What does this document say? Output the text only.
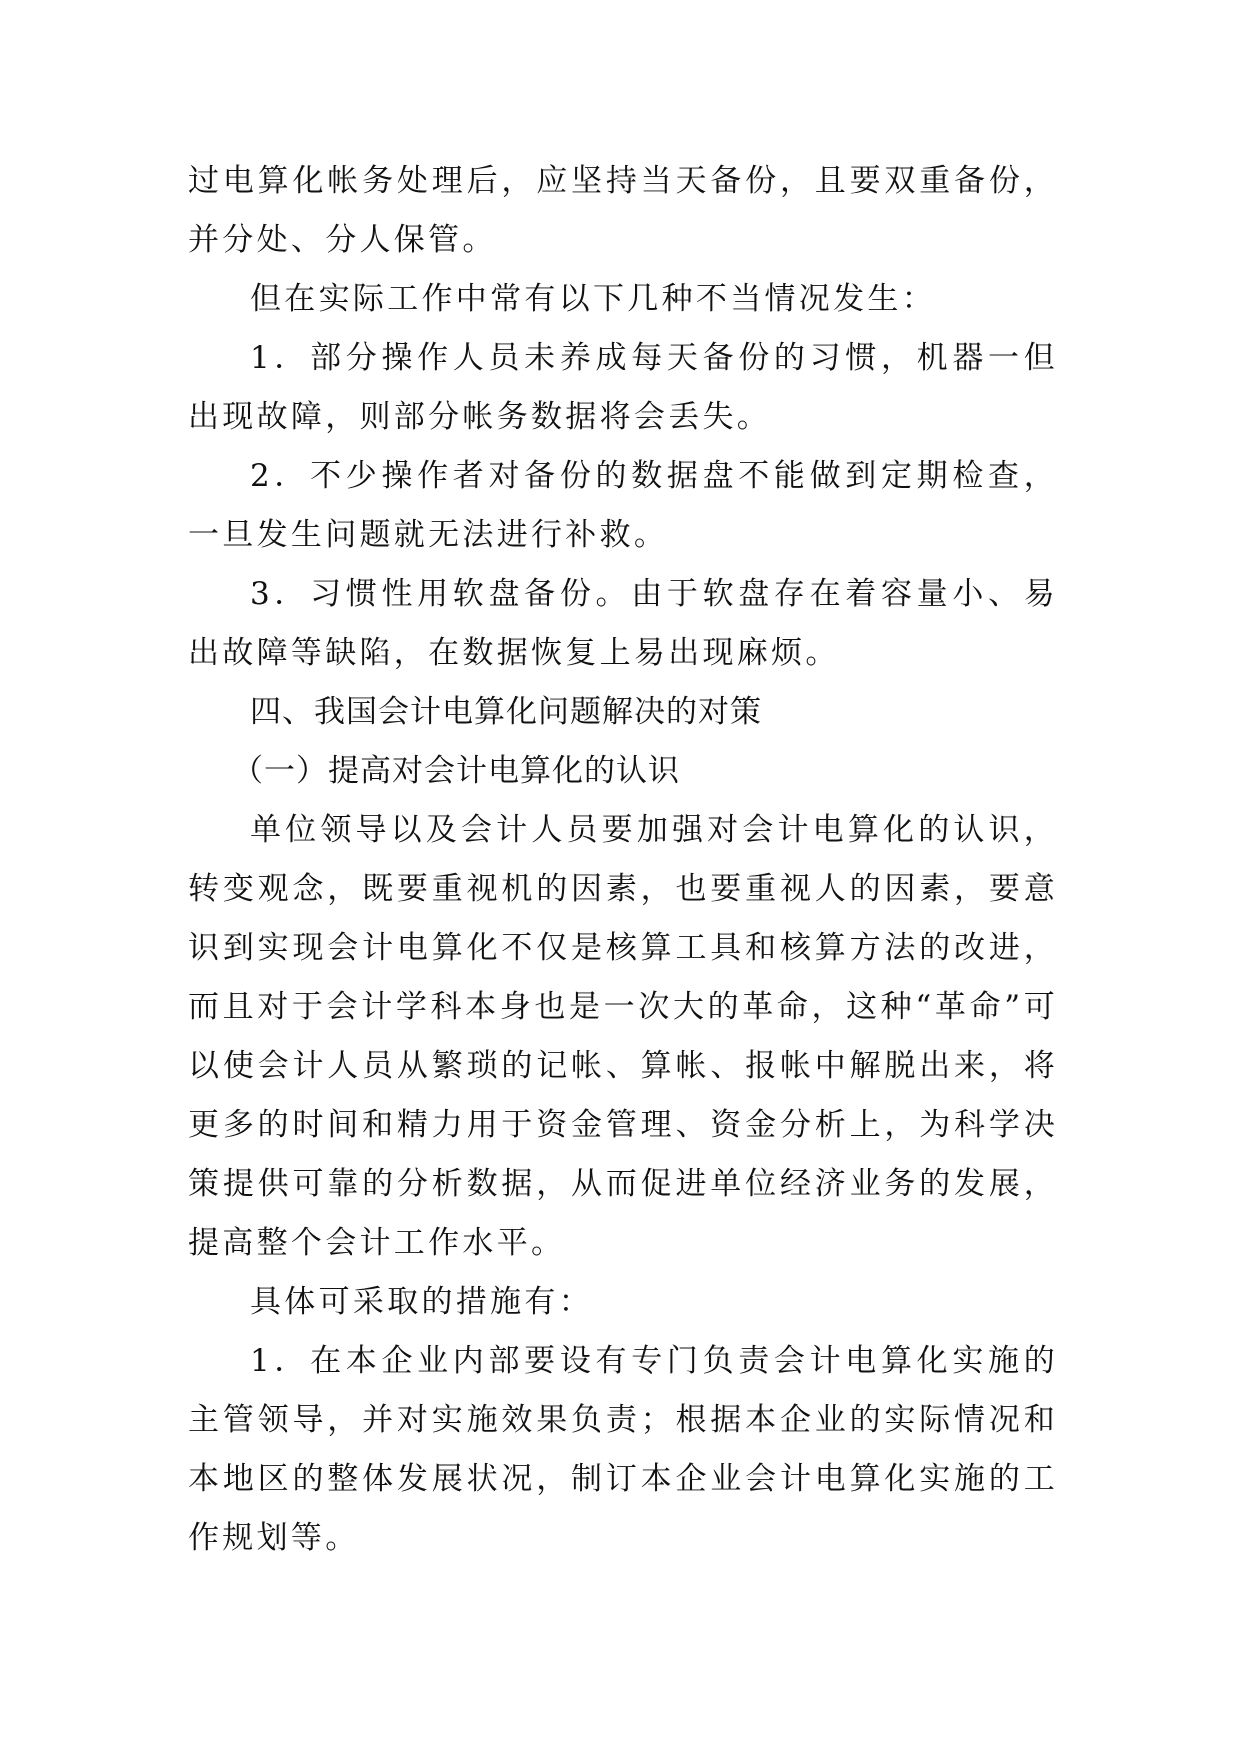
过电算化帐务处理后，应坚持当天备份，且要双重备份，并分处、分人保管。

但在实际工作中常有以下几种不当情况发生：

1．部分操作人员未养成每天备份的习惯，机器一但出现故障，则部分帐务数据将会丢失。

2．不少操作者对备份的数据盘不能做到定期检查，一旦发生问题就无法进行补救。

3．习惯性用软盘备份。由于软盘存在着容量小、易出故障等缺陷，在数据恢复上易出现麻烦。

四、我国会计电算化问题解决的对策

（一）提高对会计电算化的认识

单位领导以及会计人员要加强对会计电算化的认识，转变观念，既要重视机的因素，也要重视人的因素，要意识到实现会计电算化不仅是核算工具和核算方法的改进，而且对于会计学科本身也是一次大的革命，这种“革命”可以使会计人员从繁琐的记帐、算帐、报帐中解脱出来，将更多的时间和精力用于资金管理、资金分析上，为科学决策提供可靠的分析数据，从而促进单位经济业务的发展，提高整个会计工作水平。

具体可采取的措施有：

1．在本企业内部要设有专门负责会计电算化实施的主管领导，并对实施效果负责；根据本企业的实际情况和本地区的整体发展状况，制订本企业会计电算化实施的工作规划等。
